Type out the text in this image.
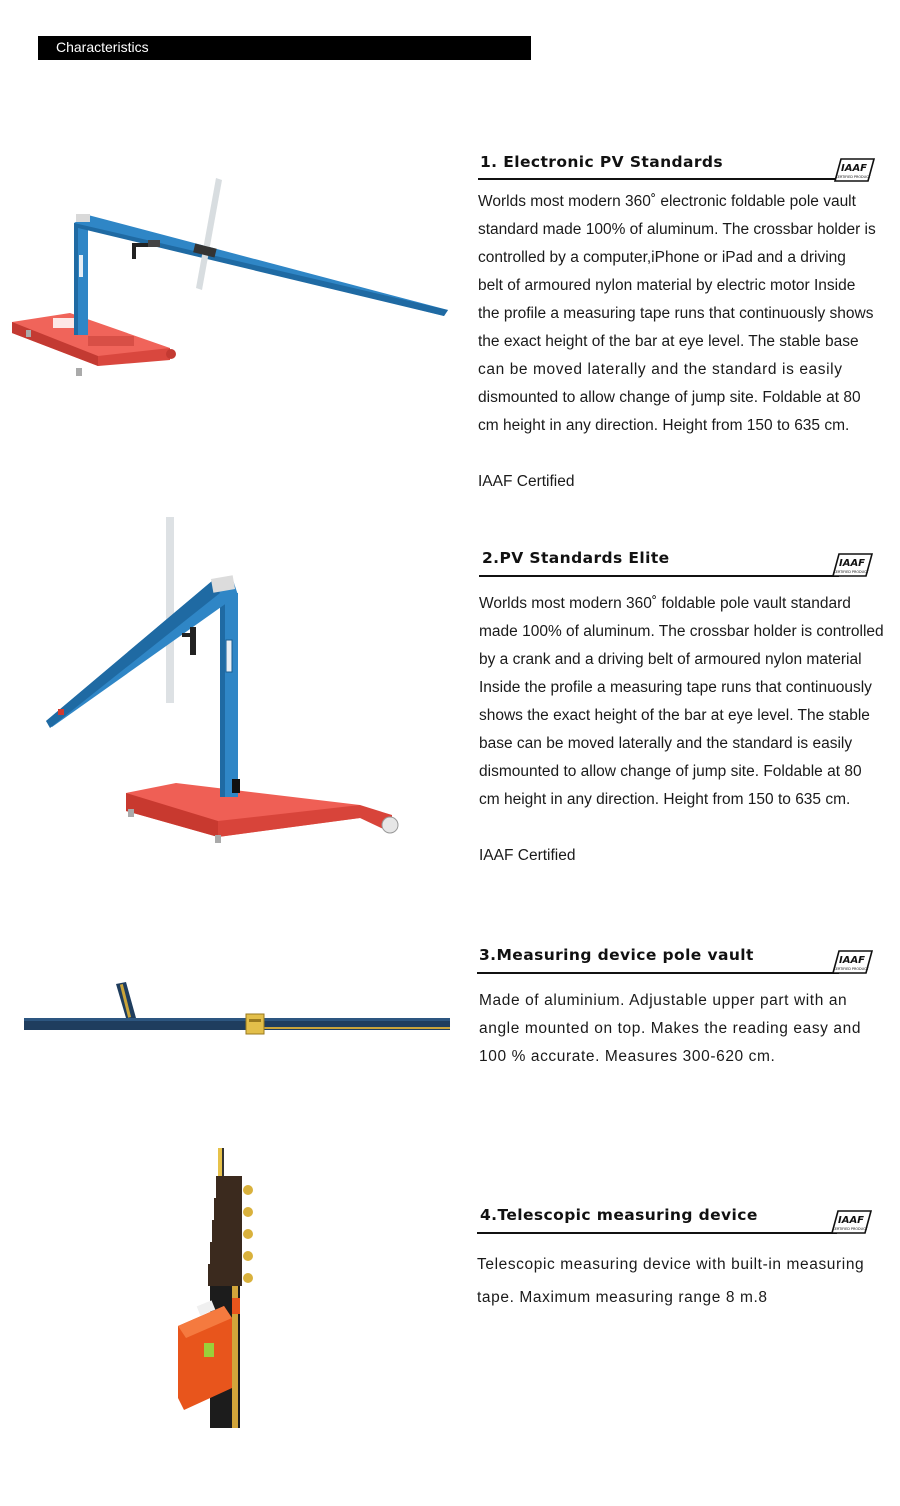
Characteristics
1. Electronic PV Standards	IAAF
CERTIFIED PRODUCT
Worlds most modern 360˚ electronic foldable pole vault
standard made 100% of aluminum. The crossbar holder is
controlled by a computer,iPhone or iPad and a driving
belt of armoured nylon material by electric motor Inside
the profile a measuring tape runs that continuously shows
the exact height of the bar at eye level. The stable base
can be moved laterally and the standard is easily
dismounted to allow change of jump site. Foldable at 80
cm height in any direction. Height from 150 to 635 cm.
IAAF Certified
2.PV Standards Elite	IAAF
CERTIFIED PRODUCT
Worlds most modern 360˚ foldable pole vault standard
made 100% of aluminum. The crossbar holder is controlled
by a crank and a driving belt of armoured nylon material
Inside the profile a measuring tape runs that continuously
shows the exact height of the bar at eye level. The stable
base can be moved laterally and the standard is easily
dismounted to allow change of jump site. Foldable at 80
cm height in any direction. Height from 150 to 635 cm.
IAAF Certified
3.Measuring device pole vault	IAAF
CERTIFIED PRODUCT
Made of aluminium. Adjustable upper part with an
angle mounted on top. Makes the reading easy and
100 % accurate. Measures 300-620 cm.
4.Telescopic measuring device	IAAF
CERTIFIED PRODUCT
Telescopic measuring device with built-in measuring
tape. Maximum measuring range 8 m.8
